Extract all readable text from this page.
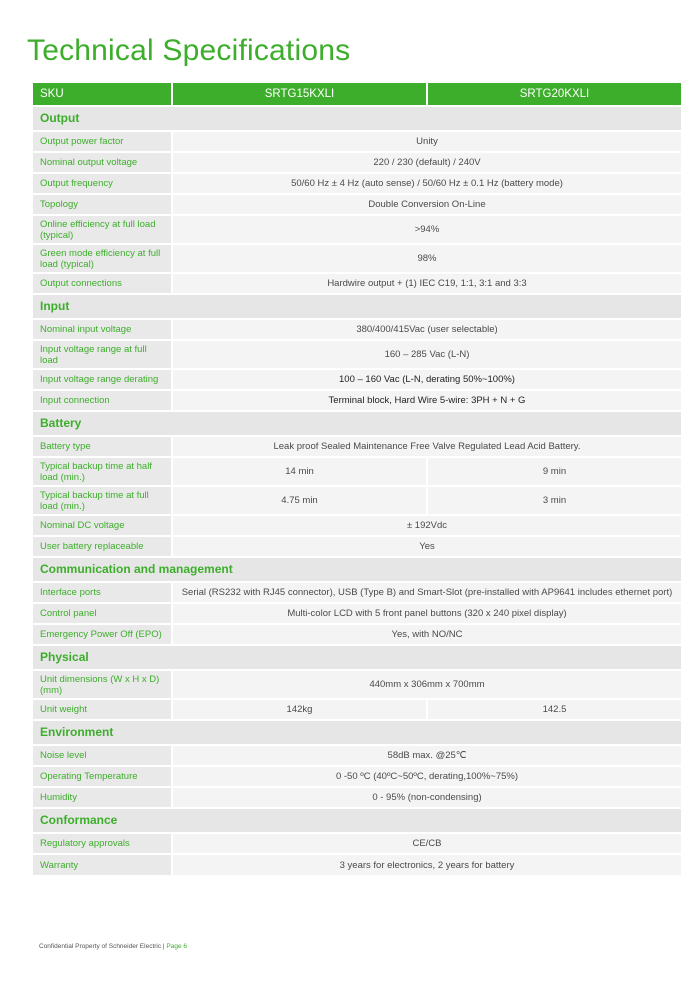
Technical Specifications
SKU	SRTG15KXLI	SRTG20KXLI
Output		
Output power factor	Unity	
Nominal output voltage	220 / 230 (default) / 240V	
Output frequency	50/60 Hz ± 4 Hz (auto sense) / 50/60 Hz ± 0.1 Hz (battery mode)	
Topology	Double Conversion On-Line	
Online efficiency at full load (typical)	>94%	
Green mode efficiency at full load (typical)	98%	
Output connections	Hardwire output + (1) IEC C19, 1:1, 3:1 and 3:3	
Input		
Nominal input voltage	380/400/415Vac (user selectable)	
Input voltage range at full load	160 – 285 Vac (L-N)	
Input voltage range derating	100 – 160 Vac (L-N, derating 50%~100%)	
Input connection	Terminal block, Hard Wire 5-wire: 3PH + N + G	
Battery		
Battery type	Leak proof Sealed Maintenance Free Valve Regulated Lead Acid Battery.	
Typical backup time at half load (min.)	14 min	9 min
Typical backup time at full load (min.)	4.75 min	3 min
Nominal DC voltage	± 192Vdc	
User battery replaceable	Yes	
Communication and management		
Interface ports	Serial (RS232 with RJ45 connector), USB (Type B) and Smart-Slot (pre-installed with AP9641 includes ethernet port)	
Control panel	Multi-color LCD with 5 front panel buttons (320 x 240 pixel display)	
Emergency Power Off (EPO)	Yes, with NO/NC	
Physical		
Unit dimensions (W x H x D) (mm)	440mm x 306mm x 700mm	
Unit weight	142kg	142.5
Environment		
Noise level	58dB max. @25℃	
Operating Temperature	0 -50 ºC (40ºC~50ºC, derating,100%~75%)	
Humidity	0 - 95% (non-condensing)	
Conformance		
Regulatory approvals	CE/CB	
Warranty	3 years for electronics, 2 years for battery	
Confidential Property of Schneider Electric | Page 6
